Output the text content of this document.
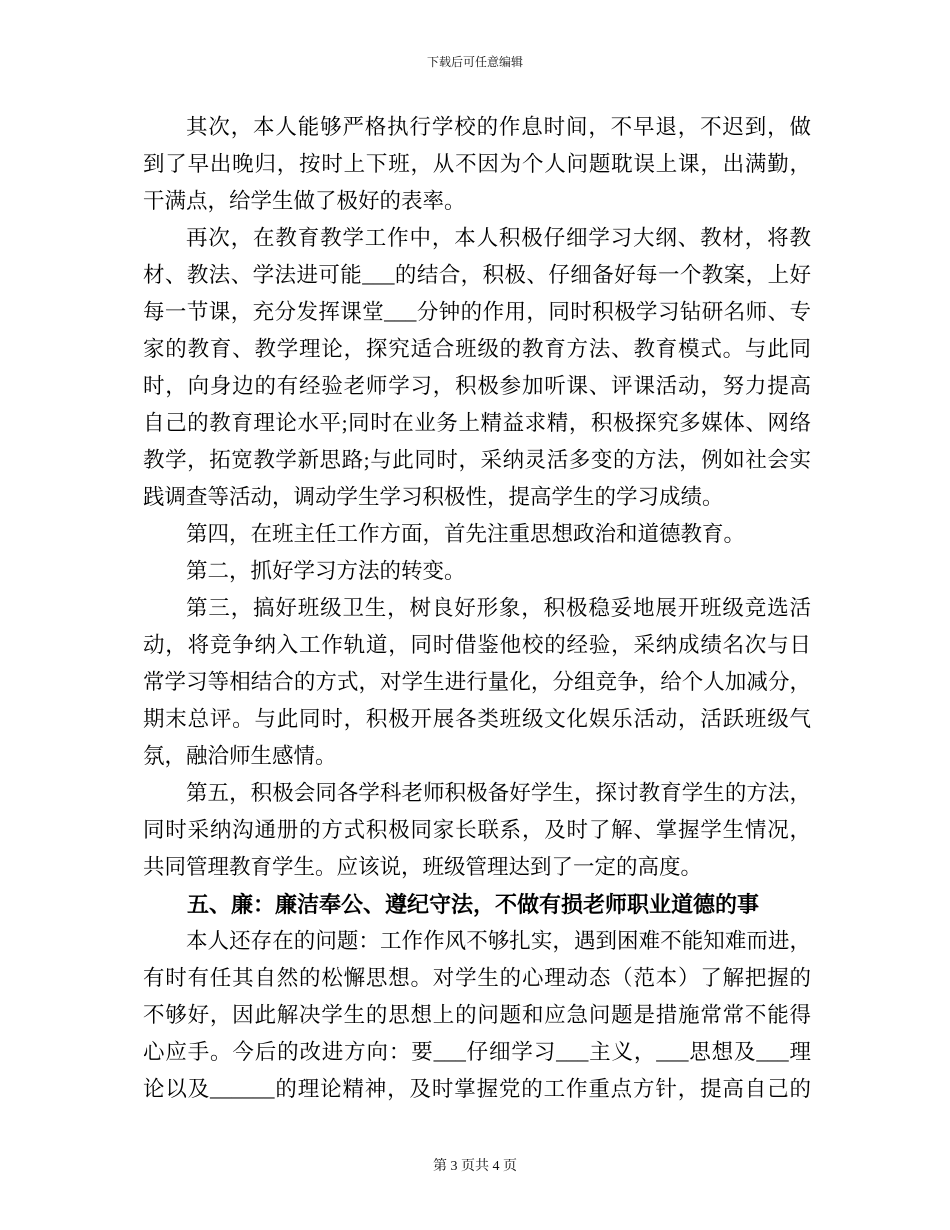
下载后可任意编辑
其次，本人能够严格执行学校的作息时间，不早退，不迟到，做
到了早出晚归，按时上下班，从不因为个人问题耽误上课，出满勤，
干满点，给学生做了极好的表率。
再次，在教育教学工作中，本人积极仔细学习大纲、教材，将教
材、教法、学法进可能___的结合，积极、仔细备好每一个教案，上好
每一节课，充分发挥课堂___分钟的作用，同时积极学习钻研名师、专
家的教育、教学理论，探究适合班级的教育方法、教育模式。与此同
时，向身边的有经验老师学习，积极参加听课、评课活动，努力提高
自己的教育理论水平;同时在业务上精益求精，积极探究多媒体、网络
教学，拓宽教学新思路;与此同时，采纳灵活多变的方法，例如社会实
践调查等活动，调动学生学习积极性，提高学生的学习成绩。
第四，在班主任工作方面，首先注重思想政治和道德教育。
第二，抓好学习方法的转变。
第三，搞好班级卫生，树良好形象，积极稳妥地展开班级竞选活
动，将竞争纳入工作轨道，同时借鉴他校的经验，采纳成绩名次与日
常学习等相结合的方式，对学生进行量化，分组竞争，给个人加减分，
期末总评。与此同时，积极开展各类班级文化娱乐活动，活跃班级气
氛，融洽师生感情。
第五，积极会同各学科老师积极备好学生，探讨教育学生的方法，
同时采纳沟通册的方式积极同家长联系，及时了解、掌握学生情况，
共同管理教育学生。应该说，班级管理达到了一定的高度。
五、廉：廉洁奉公、遵纪守法，不做有损老师职业道德的事
本人还存在的问题：工作作风不够扎实，遇到困难不能知难而进，
有时有任其自然的松懈思想。对学生的心理动态（范本）了解把握的
不够好，因此解决学生的思想上的问题和应急问题是措施常常不能得
心应手。今后的改进方向：要___仔细学习___主义，___思想及___理
论以及______的理论精神，及时掌握党的工作重点方针，提高自己的
第 3 页共 4 页
